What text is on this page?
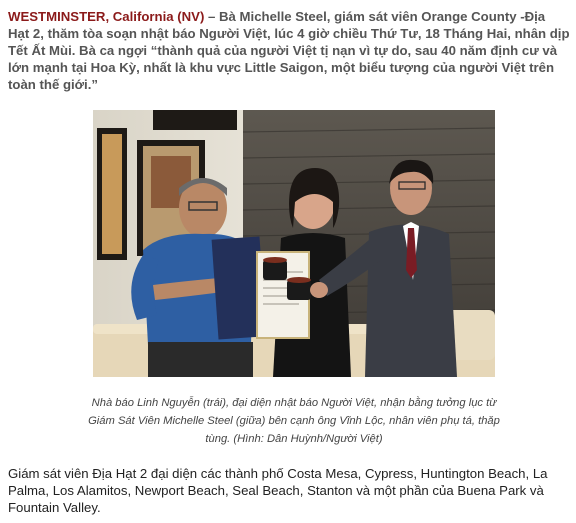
WESTMINSTER, California (NV) – Bà Michelle Steel, giám sát viên Orange County -Địa Hạt 2, thăm tòa soạn nhật báo Người Việt, lúc 4 giờ chiều Thứ Tư, 18 Tháng Hai, nhân dịp Tết Ất Mùi. Bà ca ngợi “thành quả của người Việt tị nạn vì tự do, sau 40 năm định cư và lớn mạnh tại Hoa Kỳ, nhất là khu vực Little Saigon, một biểu tượng của người Việt trên toàn thế giới.”

Nhà báo Linh Nguyễn (trái), đại diện nhật báo Người Việt, nhận bằng tưởng lục từ Giám Sát Viên Michelle Steel (giữa) bên cạnh ông Vĩnh Lộc, nhân viên phụ tá, thăp tùng. (Hình: Dân Huỳnh/Người Việt)

Giám sát viên Địa Hạt 2 đại diện các thành phố Costa Mesa, Cypress, Huntington Beach, La Palma, Los Alamitos, Newport Beach, Seal Beach, Stanton và một phần của Buena Park và Fountain Valley.
